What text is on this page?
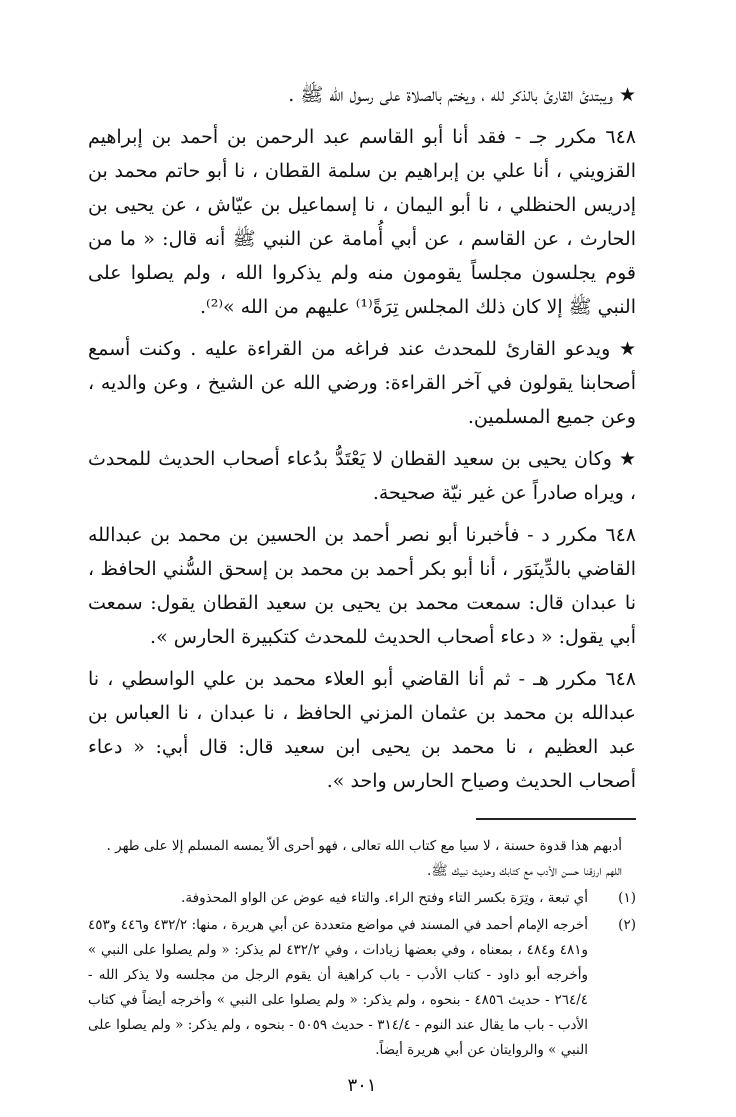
★ ويبتدئ القارئ بالذكر لله ، ويختم بالصلاة على رسول الله ﷺ .

٦٤٨ مكرر جـ - فقد أنا أبو القاسم عبد الرحمن بن أحمد بن إبراهيم القزويني ، أنا علي بن إبراهيم بن سلمة القطان ، نا أبو حاتم محمد بن إدريس الحنظلي ، نا أبو اليمان ، نا إسماعيل بن عيّاش ، عن يحيى بن الحارث ، عن القاسم ، عن أبي أُمامة عن النبي ﷺ أنه قال: « ما من قوم يجلسون مجلساً يقومون منه ولم يذكروا الله ، ولم يصلوا على النبي ﷺ إلا كان ذلك المجلس تِرَةً⁽¹⁾ عليهم من الله »⁽²⁾.

★ ويدعو القارئ للمحدث عند فراغه من القراءة عليه . وكنت أسمع أصحابنا يقولون في آخر القراءة: ورضي الله عن الشيخ ، وعن والديه ، وعن جميع المسلمين.

★ وكان يحيى بن سعيد القطان لا يَعْتَدُّ بدُعاء أصحاب الحديث للمحدث ، ويراه صادراً عن غير نيّة صحيحة.

٦٤٨ مكرر د - فأخبرنا أبو نصر أحمد بن الحسين بن محمد بن عبدالله القاضي بالدِّينَوَر ، أنا أبو بكر أحمد بن محمد بن إسحق السُّني الحافظ ، نا عبدان قال: سمعت محمد بن يحيى بن سعيد القطان يقول: سمعت أبي يقول: « دعاء أصحاب الحديث للمحدث كتكبيرة الحارس ».

٦٤٨ مكرر هـ - ثم أنا القاضي أبو العلاء محمد بن علي الواسطي ، نا عبدالله بن محمد بن عثمان المزني الحافظ ، نا عبدان ، نا العباس بن عبد العظيم ، نا محمد بن يحيى ابن سعيد قال: قال أبي: « دعاء أصحاب الحديث وصياح الحارس واحد ».

أدبهم هذا قدوة حسنة ، لا سيا مع كتاب الله تعالى ، فهو أحرى ألاّ يمسه المسلم إلا على طهر .

اللهم ارزقنا حسن الأدب مع كتابك وحديث نبيك ﷺ.

(١)
أي تبعة ، وتِرَة بكسر التاء وفتح الراء. والتاء فيه عوض عن الواو المحذوفة.
(٢)
أخرجه الإمام أحمد في المسند في مواضع متعددة عن أبي هريرة ، منها: ٤٣٢/٢ و٤٤٦ و٤٥٣ و٤٨١ و٤٨٤ ، بمعناه ، وفي بعضها زيادات ، وفي ٤٣٢/٢ لم يذكر: « ولم يصلوا على النبي » وأخرجه أبو داود - كتاب الأدب - باب كراهية أن يقوم الرجل من مجلسه ولا يذكر الله - ٢٦٤/٤ - حديث ٤٨٥٦ - بنحوه ، ولم يذكر: « ولم يصلوا على النبي » وأخرجه أيضاً في كتاب الأدب - باب ما يقال عند النوم - ٣١٤/٤ - حديث ٥٠٥٩ - بنحوه ، ولم يذكر: « ولم يصلوا على النبي » والروايتان عن أبي هريرة أيضاً.
٣٠١
